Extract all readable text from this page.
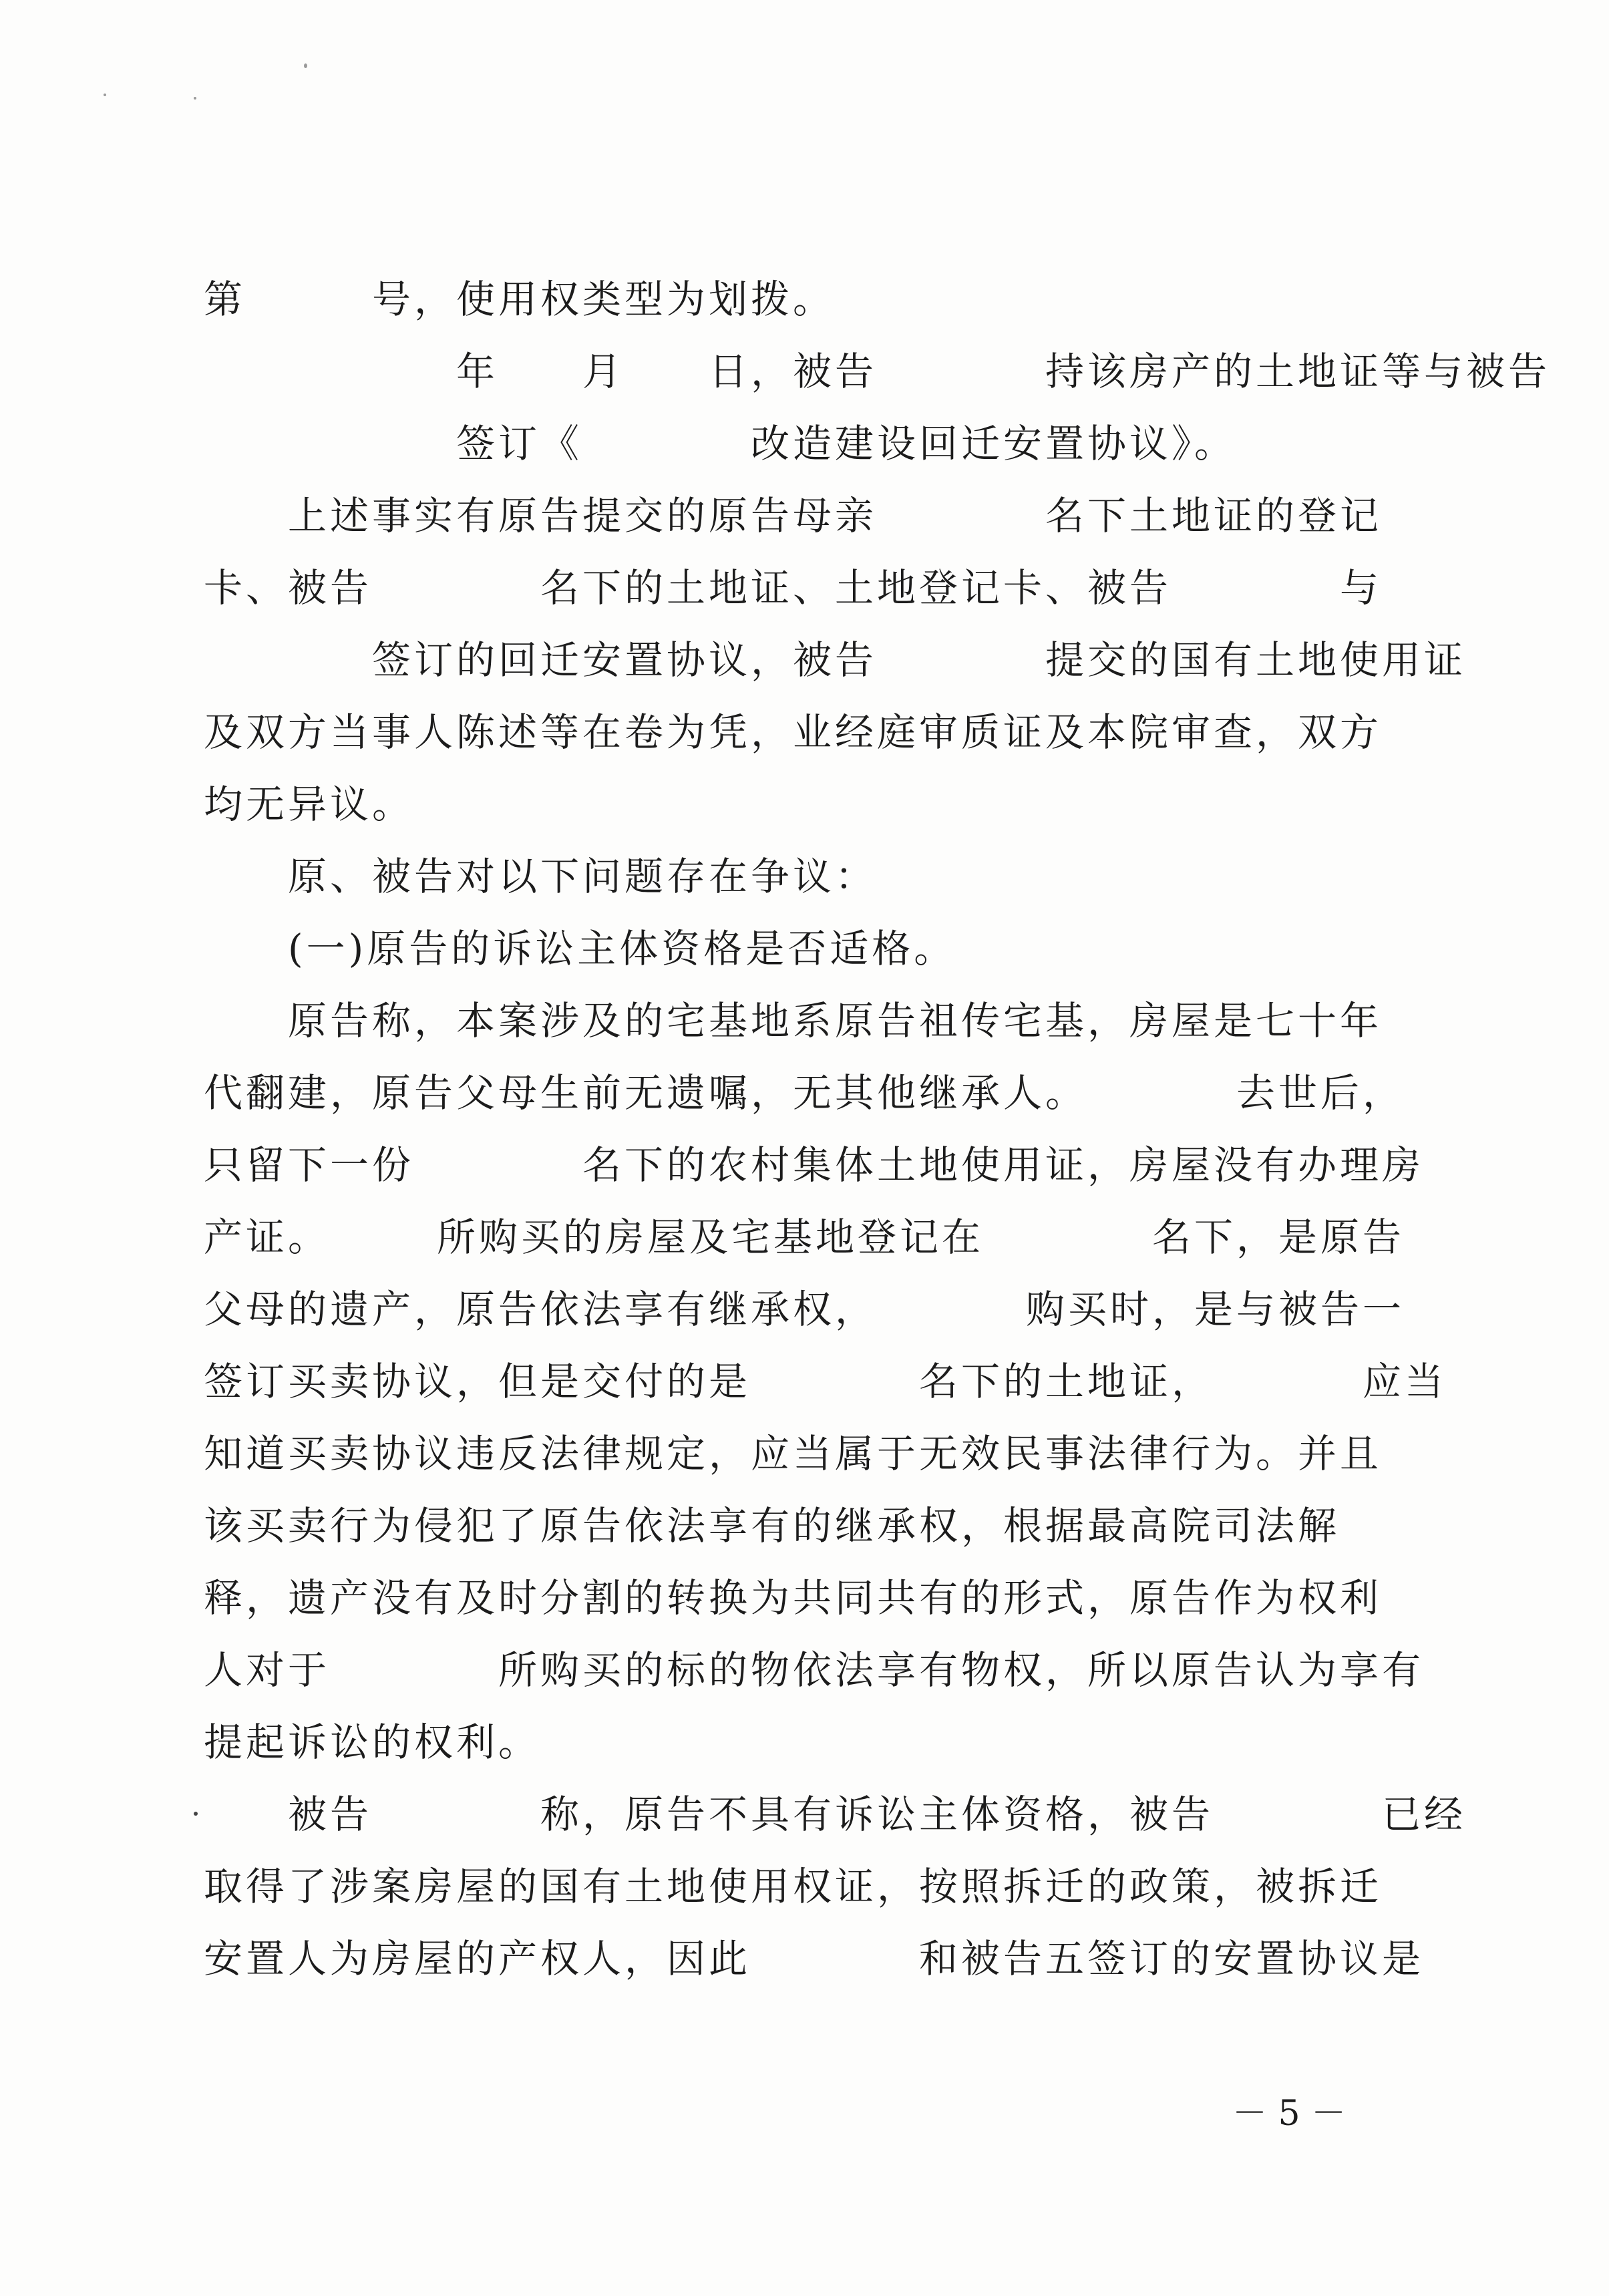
第　　　号，使用权类型为划拨。
　　　　　　年　　月　　日，被告　　　　持该房产的土地证等与被告
　　　　　　签订《　　　　改造建设回迁安置协议》。
　　上述事实有原告提交的原告母亲　　　　名下土地证的登记
卡、被告　　　　名下的土地证、土地登记卡、被告　　　　与
　　　　签订的回迁安置协议，被告　　　　提交的国有土地使用证
及双方当事人陈述等在卷为凭，业经庭审质证及本院审查，双方
均无异议。
　　原、被告对以下问题存在争议：
　　(一)原告的诉讼主体资格是否适格。
　　原告称，本案涉及的宅基地系原告祖传宅基，房屋是七十年
代翻建，原告父母生前无遗嘱，无其他继承人。　　　　去世后，
只留下一份　　　　名下的农村集体土地使用证，房屋没有办理房
产证。　　　所购买的房屋及宅基地登记在　　　　名下，是原告
父母的遗产，原告依法享有继承权，　　　　购买时，是与被告一
签订买卖协议，但是交付的是　　　　名下的土地证，　　　　应当
知道买卖协议违反法律规定，应当属于无效民事法律行为。并且
该买卖行为侵犯了原告依法享有的继承权，根据最高院司法解
释，遗产没有及时分割的转换为共同共有的形式，原告作为权利
人对于　　　　所购买的标的物依法享有物权，所以原告认为享有
提起诉讼的权利。
　　被告　　　　称，原告不具有诉讼主体资格，被告　　　　已经
取得了涉案房屋的国有土地使用权证，按照拆迁的政策，被拆迁
安置人为房屋的产权人，因此　　　　和被告五签订的安置协议是
－ 5 －
